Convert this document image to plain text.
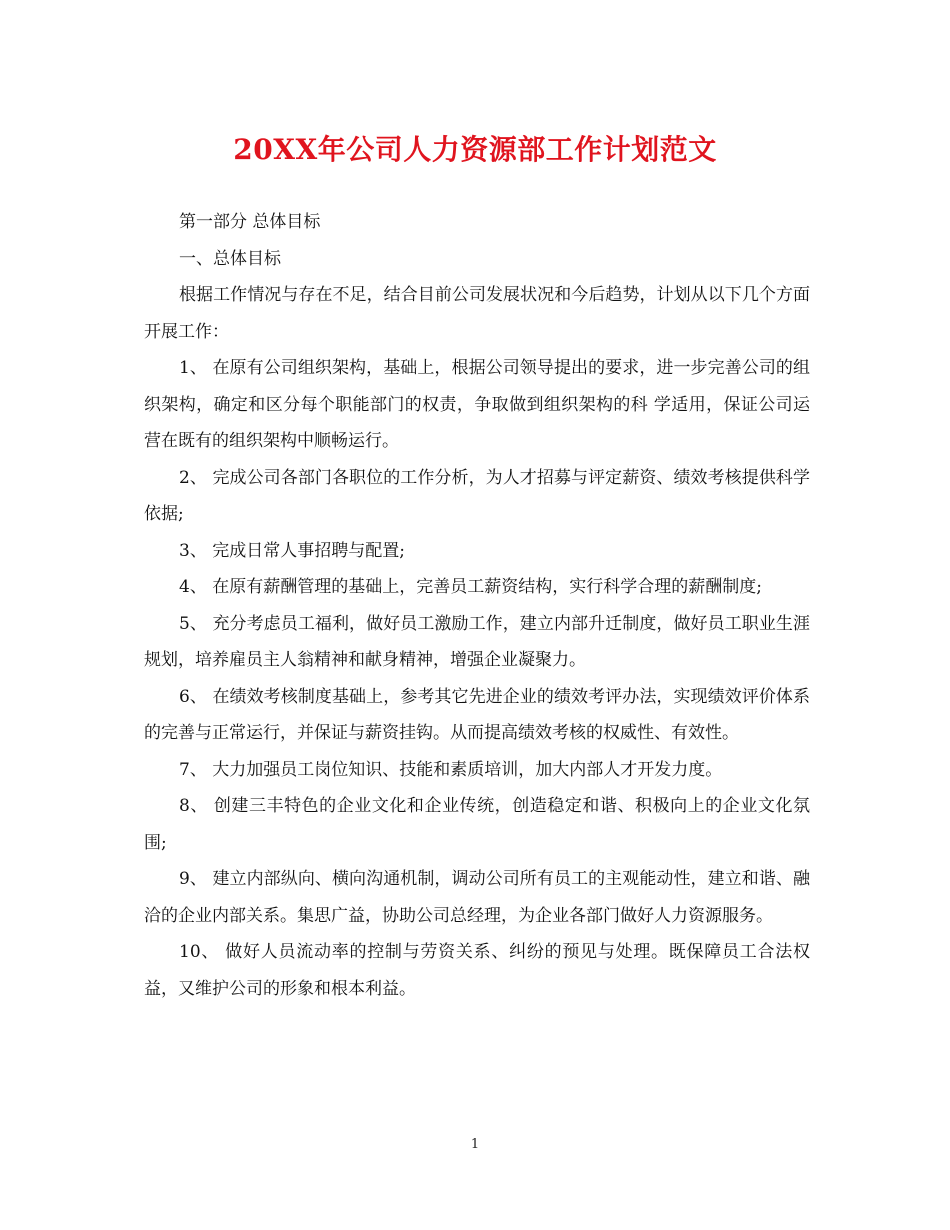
20XX年公司人力资源部工作计划范文

第一部分 总体目标

一、总体目标

根据工作情况与存在不足，结合目前公司发展状况和今后趋势，计划从以下几个方面开展工作：

1、 在原有公司组织架构，基础上，根据公司领导提出的要求，进一步完善公司的组织架构，确定和区分每个职能部门的权责，争取做到组织架构的科 学适用，保证公司运营在既有的组织架构中顺畅运行。

2、 完成公司各部门各职位的工作分析，为人才招募与评定薪资、绩效考核提供科学依据;

3、 完成日常人事招聘与配置;

4、 在原有薪酬管理的基础上，完善员工薪资结构，实行科学合理的薪酬制度;

5、 充分考虑员工福利，做好员工激励工作，建立内部升迁制度，做好员工职业生涯规划，培养雇员主人翁精神和献身精神，增强企业凝聚力。

6、 在绩效考核制度基础上，参考其它先进企业的绩效考评办法，实现绩效评价体系的完善与正常运行，并保证与薪资挂钩。从而提高绩效考核的权威性、有效性。

7、 大力加强员工岗位知识、技能和素质培训，加大内部人才开发力度。

8、 创建三丰特色的企业文化和企业传统，创造稳定和谐、积极向上的企业文化氛围;

9、 建立内部纵向、横向沟通机制，调动公司所有员工的主观能动性，建立和谐、融洽的企业内部关系。集思广益，协助公司总经理，为企业各部门做好人力资源服务。

10、 做好人员流动率的控制与劳资关系、纠纷的预见与处理。既保障员工合法权益，又维护公司的形象和根本利益。

1
